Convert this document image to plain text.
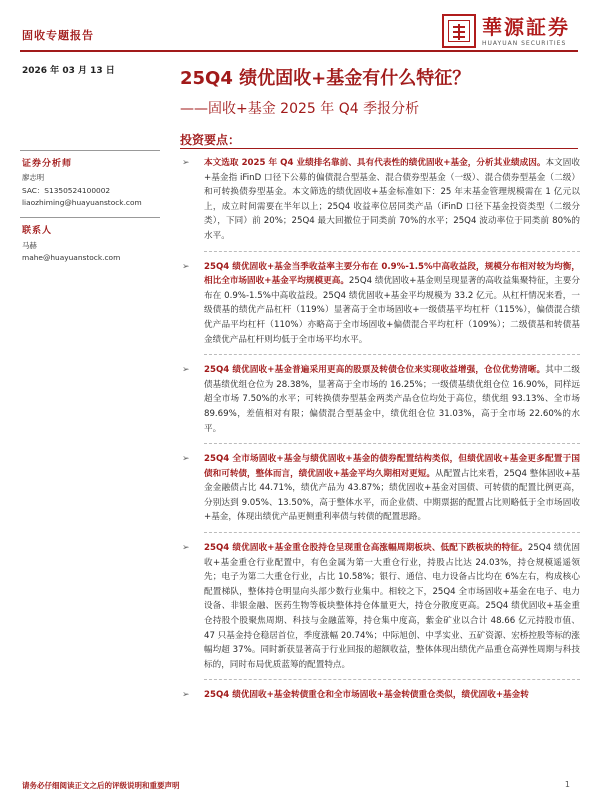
固收专题报告	華源証券
HUAYUAN SECURITIES
2026 年 03 月 13 日	25Q4 绩优固收+基金有什么特征？
——固收+基金 2025 年 Q4 季报分析
投资要点：
证券分析师
廖志明
SAC：S1350524100002
liaozhiming@huayuanstock.com
联系人
马赫
mahe@huayuanstock.com
➢ 本文选取 2025 年 Q4 业绩排名靠前、具有代表性的绩优固收+基金，分析其业绩成因。本文固收+基金指 iFinD 口径下公募的偏债混合型基金、混合债券型基金（一级）、混合债券型基金（二级）和可转换债券型基金。本文筛选的绩优固收+基金标准如下：25 年末基金管理规模需在 1 亿元以上，成立时间需要在半年以上；25Q4 收益率位居同类产品（iFinD 口径下基金投资类型（二级分类），下同）前 20%；25Q4 最大回撤位于同类前 70%的水平；25Q4 波动率位于同类前 80%的水平。
➢ 25Q4 绩优固收+基金当季收益率主要分布在 0.9%-1.5%中高收益段，规模分布相对较为均衡，相比全市场固收+基金平均规模更高。25Q4 绩优固收+基金则呈现显著的高收益集聚特征，主要分布在 0.9%-1.5%中高收益段。25Q4 绩优固收+基金平均规模为 33.2 亿元。从杠杆情况来看，一级债基的绩优产品杠杆（119%）显著高于全市场固收+一级债基平均杠杆（115%），偏债混合绩优产品平均杠杆（110%）亦略高于全市场固收+偏债混合平均杠杆（109%）；二级债基和转债基金绩优产品杠杆则均低于全市场平均水平。
➢ 25Q4 绩优固收+基金普遍采用更高的股票及转债仓位来实现收益增强，仓位优势清晰。其中二级债基绩优组仓位为 28.38%，显著高于全市场的 16.25%；一级债基绩优组仓位 16.90%，同样远超全市场 7.50%的水平；可转换债券型基金两类产品仓位均处于高位，绩优组 93.13%、全市场 89.69%，差值相对有限；偏债混合型基金中，绩优组仓位 31.03%，高于全市场 22.60%的水平。
➢ 25Q4 全市场固收+基金与绩优固收+基金的债券配置结构类似，但绩优固收+基金更多配置于国债和可转债，整体而言，绩优固收+基金平均久期相对更短。从配置占比来看，25Q4 整体固收+基金金融债占比 44.71%，绩优产品为 43.87%；绩优固收+基金对国债、可转债的配置比例更高，分别达到 9.05%、13.50%，高于整体水平，而企业债、中期票据的配置占比则略低于全市场固收+基金，体现出绩优产品更侧重利率债与转债的配置思路。
➢ 25Q4 绩优固收+基金重仓股持仓呈现重仓高涨幅周期板块、低配下跌板块的特征。25Q4 绩优固收+基金重仓行业配置中，有色金属为第一大重仓行业，持股占比达 24.03%，持仓规模遥遥领先；电子为第二大重仓行业，占比 10.58%；银行、通信、电力设备占比均在 6%左右，构成核心配置梯队，整体持仓明显向头部少数行业集中。相较之下，25Q4 全市场固收+基金在电子、电力设备、非银金融、医药生物等板块整体持仓体量更大，持仓分散度更高。25Q4 绩优固收+基金重仓持股个股聚焦周期、科技与金融蓝筹，持仓集中度高，紫金矿业以合计 48.66 亿元持股市值、47 只基金持仓稳居首位，季度涨幅 20.74%；中际旭创、中孚实业、五矿资源、宏桥控股等标的涨幅均超 37%。同时新获显著高于行业回报的超额收益，整体体现出绩优产品重仓高弹性周期与科技标的，同时布局优质蓝筹的配置特点。
➢ 25Q4 绩优固收+基金转债重仓和全市场固收+基金转债重仓类似，绩优固收+基金转
请务必仔细阅读正文之后的评级说明和重要声明	1
